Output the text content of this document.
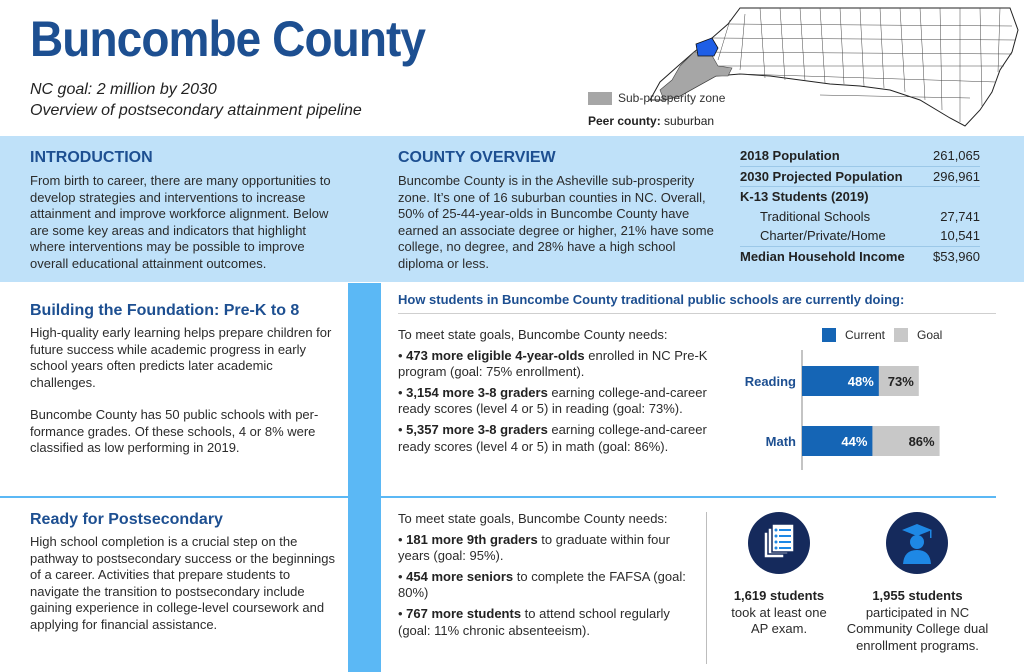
Buncombe County
NC goal: 2 million by 2030
Overview of postsecondary attainment pipeline
Sub-prosperity zone
Peer county: suburban
INTRODUCTION
From birth to career, there are many opportunities to develop strategies and interventions to increase attainment and improve workforce alignment. Below are some key areas and indicators that highlight where interventions may be possible to improve overall educational attainment outcomes.
COUNTY OVERVIEW
Buncombe County is in the Asheville sub-prosperity zone. It’s one of 16 suburban counties in NC. Overall, 50% of 25-44-year-olds in Buncombe County have earned an associate degree or higher, 21% have some college, no degree, and 28% have a high school diploma or less.
2018 Population	261,065
2030 Projected Population	296,961
K-13 Students (2019)	
Traditional Schools	27,741
Charter/Private/Home	10,541
Median Household Income	$53,960
Building the Foundation: Pre-K to 8
High-quality early learning helps prepare children for future success while academic progress in early school years often predicts later academic challenges.
Buncombe County has 50 public schools with per-formance grades. Of these schools, 4 or 8% were classified as low performing in 2019.
How students in Buncombe County traditional public schools are currently doing:
To meet state goals, Buncombe County needs:
• 473 more eligible 4-year-olds enrolled in NC Pre-K program (goal: 75% enrollment).
• 3,154 more 3-8 graders earning college-and-career ready scores (level 4 or 5) in reading (goal: 73%).
• 5,357 more 3-8 graders earning college-and-career ready scores (level 4 or 5) in math (goal: 86%).
Current	Goal
Reading	48% 73%
Math	44%	86%
Ready for Postsecondary
High school completion is a crucial step on the pathway to postsecondary success or the beginnings of a career. Activities that prepare students to navigate the transition to postsecondary include gaining experience in college-level coursework and applying for financial assistance.
To meet state goals, Buncombe County needs:
• 181 more 9th graders to graduate within four years (goal: 95%).
• 454 more seniors to complete the FAFSA (goal: 80%)
• 767 more students to attend school regularly (goal: 11% chronic absenteeism).
1,619 students
took at least one AP exam.
1,955 students
participated in NC Community College dual enrollment programs.
